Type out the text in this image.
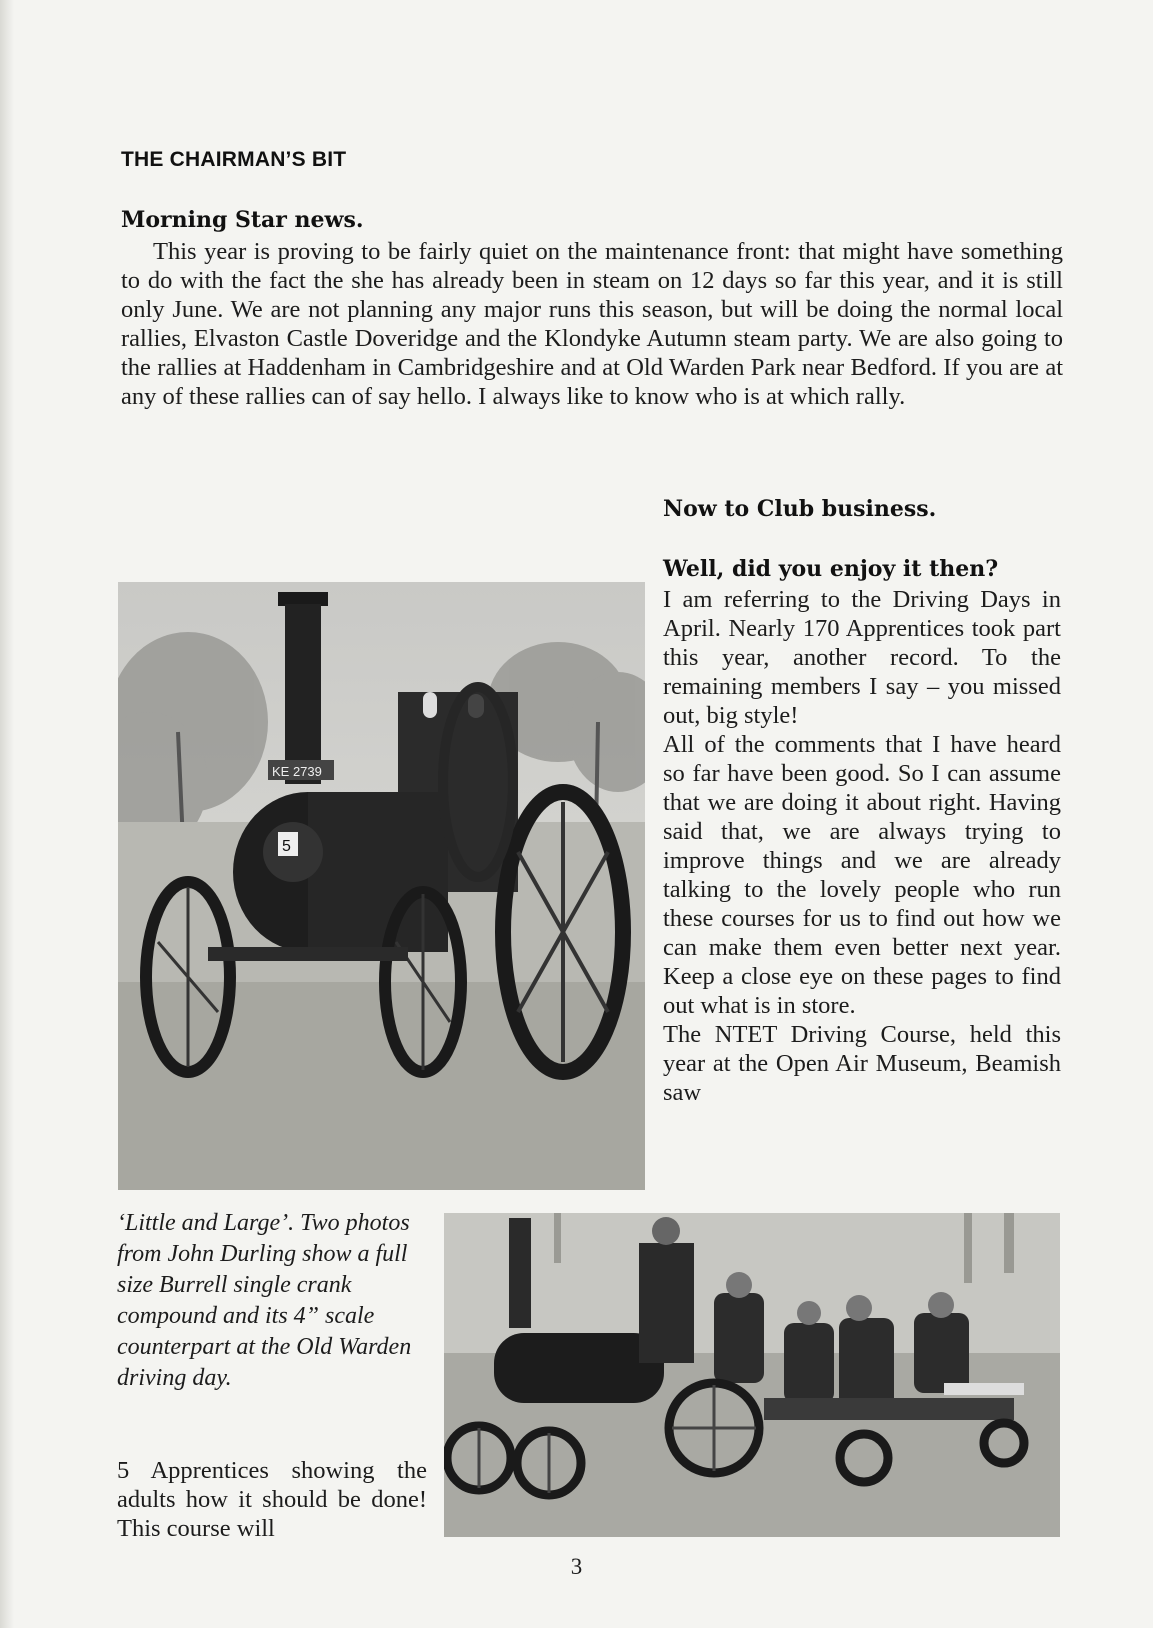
THE CHAIRMAN’S BIT
Morning Star news.

This year is proving to be fairly quiet on the maintenance front: that might have something to do with the fact the she has already been in steam on 12 days so far this year, and it is still only June. We are not planning any major runs this season, but will be doing the normal local rallies, Elvaston Castle Doveridge and the Klondyke Autumn steam party. We are also going to the rallies at Haddenham in Cambridgeshire and at Old Warden Park near Bedford. If you are at any of these rallies can of say hello. I always like to know who is at which rally.

Now to Club business.
Well, did you enjoy it then?

I am referring to the Driving Days in April. Nearly 170 Apprentices took part this year, another record. To the remaining members I say – you missed out, big style!

All of the comments that I have heard so far have been good. So I can assume that we are doing it about right. Having said that, we are always trying to improve things and we are already talking to the lovely people who run these courses for us to find out how we can make them even better next year. Keep a close eye on these pages to find out what is in store.

The NTET Driving Course, held this year at the Open Air Museum, Beamish saw

5
KE 2739

‘Little and Large’. Two photos from John Durling show a full size Burrell single crank compound and its 4” scale counterpart at the Old Warden driving day.

5 Apprentices showing the adults how it should be done! This course will

3
